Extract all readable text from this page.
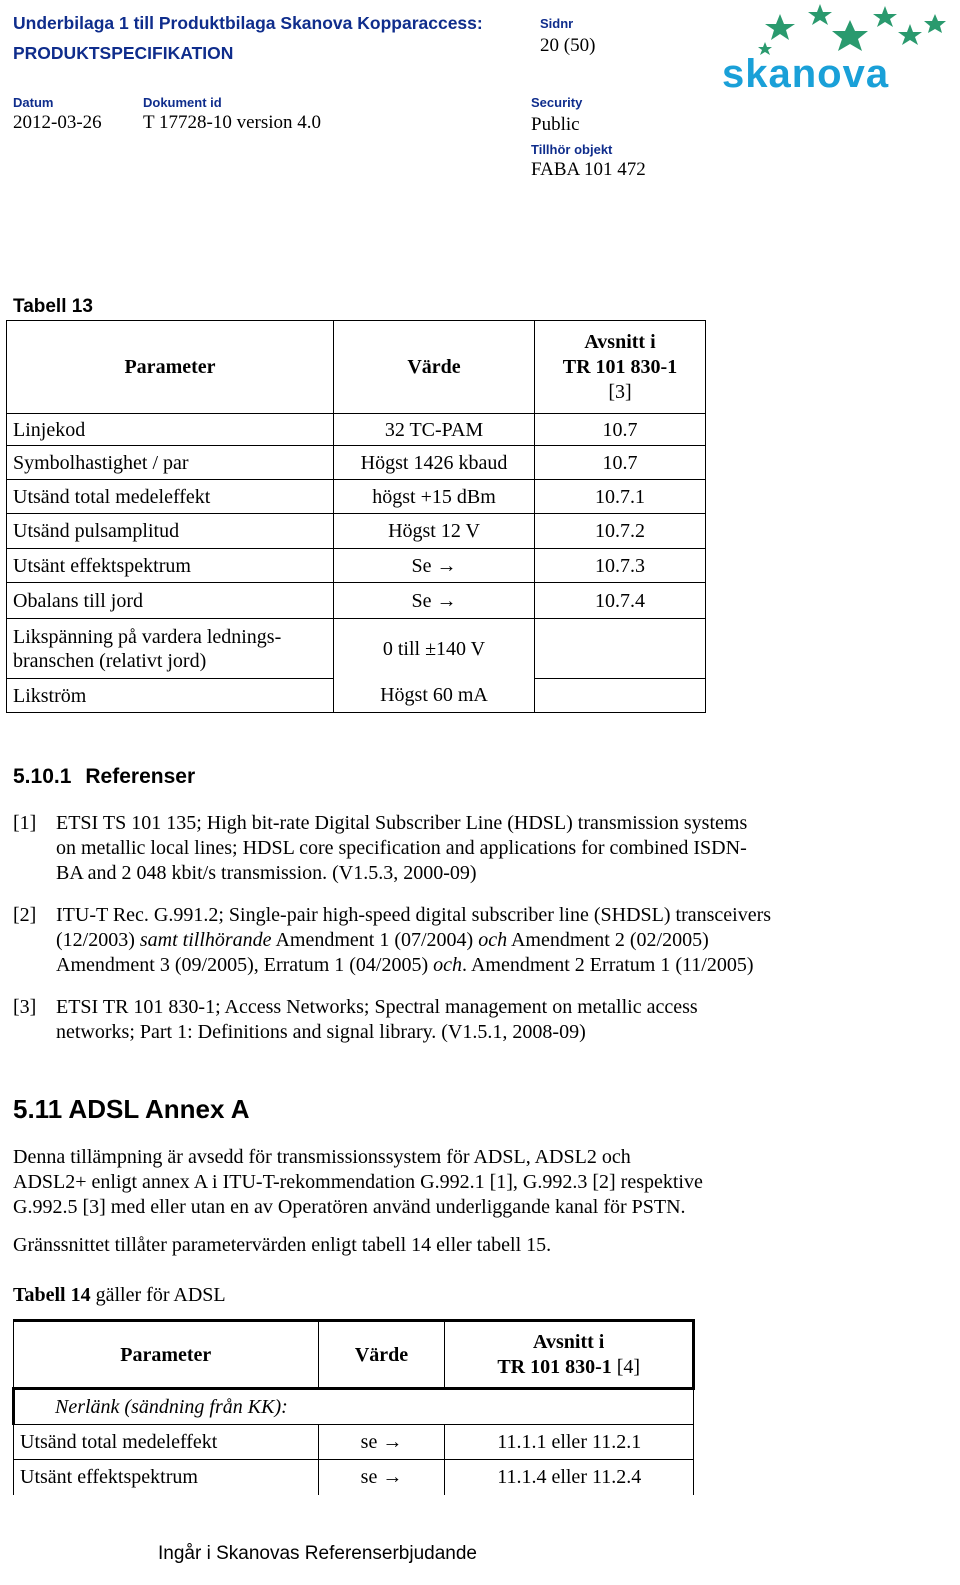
Underbilaga 1 till Produktbilaga Skanova Kopparaccess:
PRODUKTSPECIFIKATION
Sidnr
20 (50)
Datum
2012-03-26
Dokument id
T 17728-10 version 4.0
Security
Public
Tillhör objekt
FABA 101 472
skanova
Tabell 13
Parameter	Värde	Avsnitt i
TR 101 830-1
[3]

Linjekod	32 TC-PAM	10.7
Symbolhastighet / par	Högst 1426 kbaud	10.7
Utsänd total medeleffekt	högst +15 dBm	10.7.1
Utsänd pulsamplitud	Högst 12 V	10.7.2
Utsänt effektspektrum	Se →	10.7.3
Obalans till jord	Se →	10.7.4

Likspänning på vardera lednings-
branschen (relativt jord)	0 till ±140 V	
Likström	Högst 60 mA	
5.10.1 Referenser
[1] ETSI TS 101 135; High bit-rate Digital Subscriber Line (HDSL) transmission systems

on metallic local lines; HDSL core specification and applications for combined ISDN-

BA and 2 048 kbit/s transmission. (V1.5.3, 2000-09)

[2] ITU-T Rec. G.991.2; Single-pair high-speed digital subscriber line (SHDSL) transceivers

(12/2003) samt tillhörande Amendment 1 (07/2004) och Amendment 2 (02/2005)

Amendment 3 (09/2005), Erratum 1 (04/2005) och. Amendment 2 Erratum 1 (11/2005)

[3] ETSI TR 101 830-1; Access Networks; Spectral management on metallic access

networks; Part 1: Definitions and signal library. (V1.5.1, 2008-09)

5.11 ADSL Annex A
Denna tillämpning är avsedd för transmissionssystem för ADSL, ADSL2 och
ADSL2+ enligt annex A i ITU-T-rekommendation G.992.1 [1], G.992.3 [2] respektive
G.992.5 [3] med eller utan en av Operatören använd underliggande kanal för PSTN.
Gränssnittet tillåter parametervärden enligt tabell 14 eller tabell 15.
Tabell 14 gäller för ADSL
Parameter	Värde	Avsnitt i
TR 101 830-1 [4]

Nerlänk (sändning från KK):		
Utsänd total medeleffekt	se →	11.1.1 eller 11.2.1
Utsänt effektspektrum	se →	11.1.4 eller 11.2.4
Ingår i Skanovas Referenserbjudande
